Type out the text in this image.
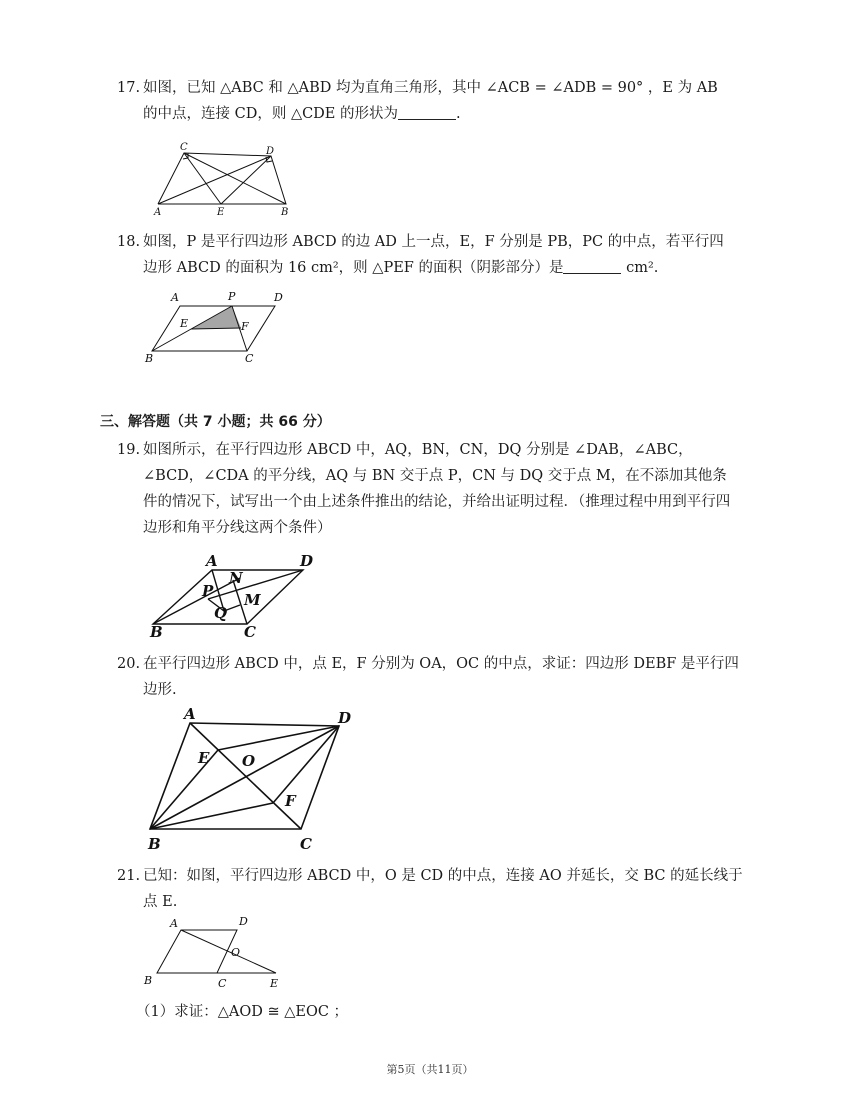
17. 如图，已知 △ABC 和 △ABD 均为直角三角形，其中 ∠ACB = ∠ADB = 90° ，E 为 AB
的中点，连接 CD，则 △CDE 的形状为	.
C	D
A	E	B
18. 如图，P 是平行四边形 ABCD 的边 AD 上一点，E，F 分别是 PB，PC 的中点，若平行四
边形 ABCD 的面积为 16 cm²，则 △PEF 的面积（阴影部分）是	cm².
A	P	D
E	F
B	C
三、解答题（共 7 小题；共 66 分）
19. 如图所示，在平行四边形 ABCD 中，AQ，BN，CN，DQ 分别是 ∠DAB，∠ABC，
∠BCD，∠CDA 的平分线，AQ 与 BN 交于点 P，CN 与 DQ 交于点 M，在不添加其他条
件的情况下，试写出一个由上述条件推出的结论，并给出证明过程．（推理过程中用到平行四
边形和角平分线这两个条件）
A	D
N
P M
Q
B	C
20. 在平行四边形 ABCD 中，点 E，F 分别为 OA，OC 的中点，求证：四边形 DEBF 是平行四
边形.
A	D
E O
F
B	C
21. 已知：如图，平行四边形 ABCD 中，O 是 CD 的中点，连接 AO 并延长，交 BC 的延长线于
点 E.
A	D
O
B	C	E
（1）求证：△AOD ≅ △EOC ；
第5页（共11页）
